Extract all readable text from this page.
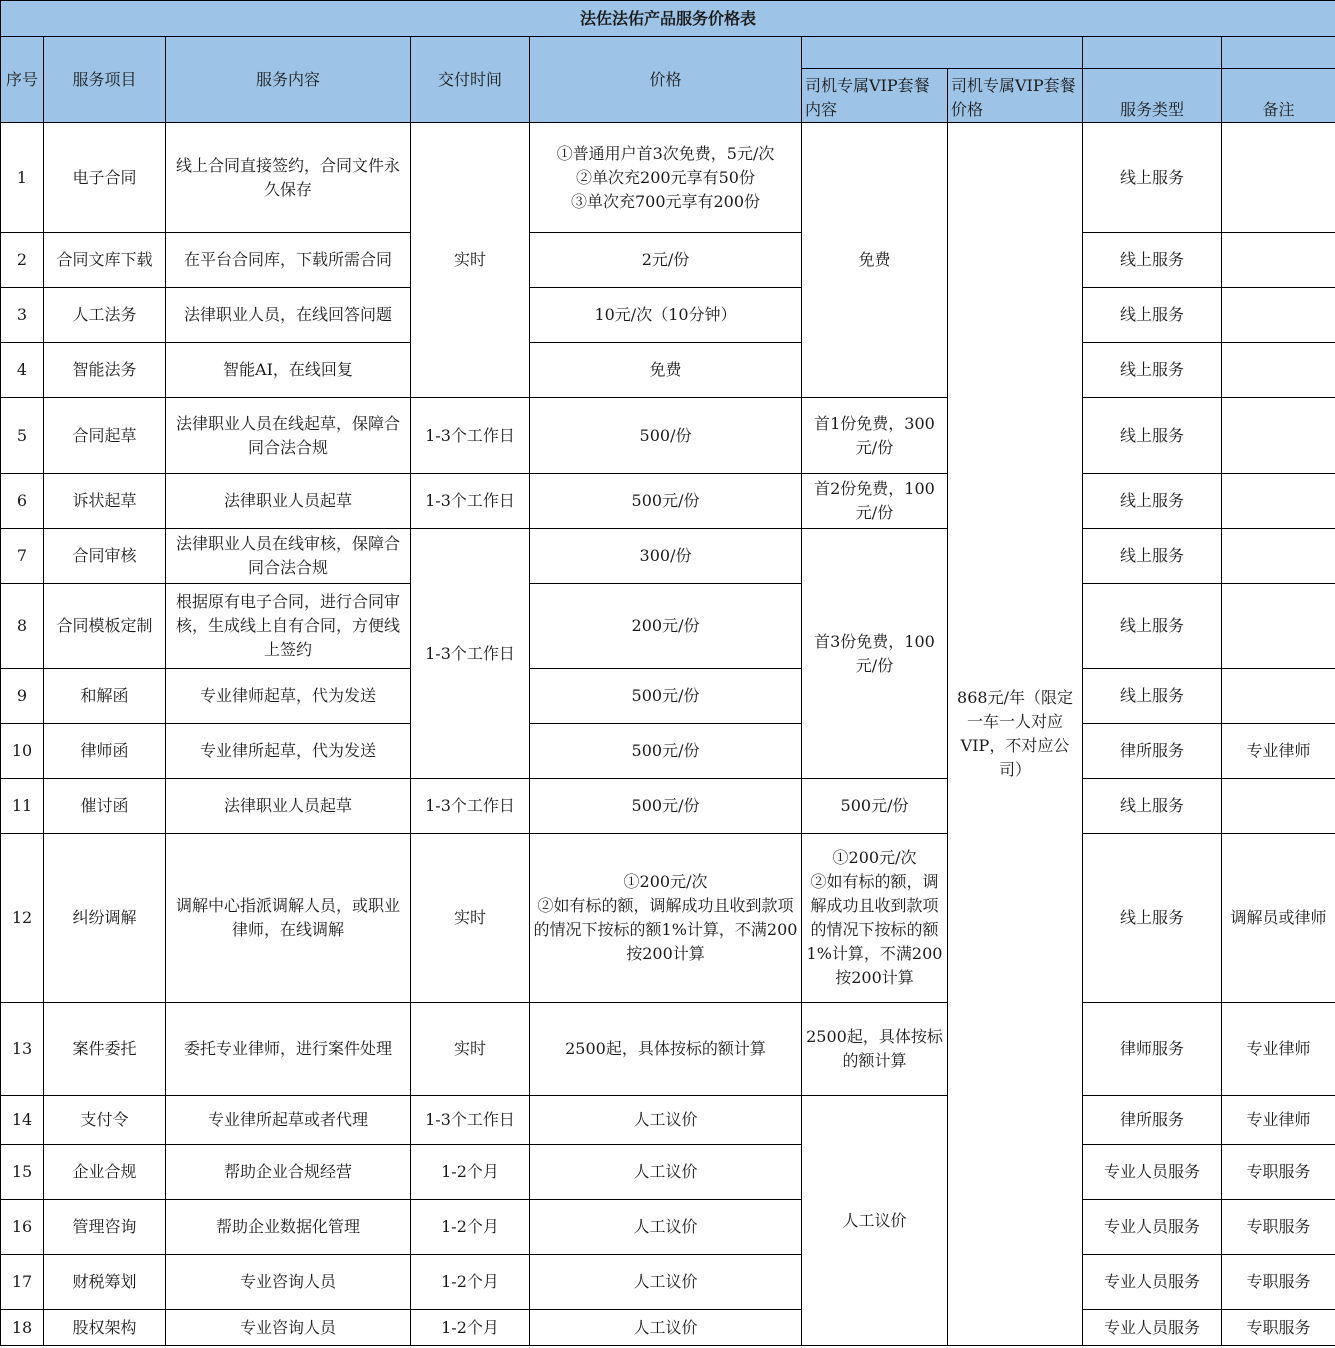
法佐法佑产品服务价格表								
序号	服务项目	服务内容	交付时间	价格				
					司机专属VIP套餐内容	司机专属VIP套餐价格	服务类型	备注
1	电子合同	线上合同直接签约，合同文件永久保存	实时	①普通用户首3次免费，5元/次
②单次充200元享有50份
③单次充700元享有200份	免费	868元/年（限定一车一人对应VIP，不对应公司）	线上服务	
2	合同文库下载	在平台合同库，下载所需合同		2元/份			线上服务	
3	人工法务	法律职业人员，在线回答问题		10元/次（10分钟）			线上服务	
4	智能法务	智能AI，在线回复		免费			线上服务	
5	合同起草	法律职业人员在线起草，保障合同合法合规	1-3个工作日	500/份	首1份免费，300元/份		线上服务	
6	诉状起草	法律职业人员起草	1-3个工作日	500元/份	首2份免费，100元/份		线上服务	
7	合同审核	法律职业人员在线审核，保障合同合法合规	1-3个工作日	300/份	首3份免费，100元/份		线上服务	
8	合同模板定制	根据原有电子合同，进行合同审核，生成线上自有合同，方便线上签约		200元/份			线上服务	
9	和解函	专业律师起草，代为发送		500元/份			线上服务	
10	律师函	专业律所起草，代为发送		500元/份			律所服务	专业律师
11	催讨函	法律职业人员起草	1-3个工作日	500元/份	500元/份		线上服务	
12	纠纷调解	调解中心指派调解人员，或职业律师，在线调解	实时	①200元/次
②如有标的额，调解成功且收到款项的情况下按标的额1%计算，不满200按200计算	①200元/次
②如有标的额，调解成功且收到款项的情况下按标的额1%计算，不满200按200计算		线上服务	调解员或律师
13	案件委托	委托专业律师，进行案件处理	实时	2500起，具体按标的额计算	2500起，具体按标的额计算		律师服务	专业律师
14	支付令	专业律所起草或者代理	1-3个工作日	人工议价	人工议价		律所服务	专业律师
15	企业合规	帮助企业合规经营	1-2个月	人工议价			专业人员服务	专职服务
16	管理咨询	帮助企业数据化管理	1-2个月	人工议价			专业人员服务	专职服务
17	财税筹划	专业咨询人员	1-2个月	人工议价			专业人员服务	专职服务
18	股权架构	专业咨询人员	1-2个月	人工议价			专业人员服务	专职服务
